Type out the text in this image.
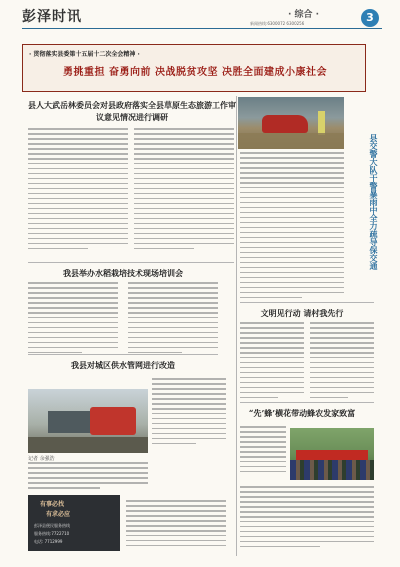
彭泽时讯	· 综合 ·	3
新闻热线:6300072 6300256
· 贯彻落实县委第十五届十二次全会精神 ·
勇挑重担 奋勇向前 决战脱贫攻坚 决胜全面建成小康社会
县人大武岳林委员会对县政府落实全县草原生态旅游工作审议意见情况进行调研
我县举办水稻栽培技术现场培训会
我县对城区供水管网进行改造
记者 余强浩
有事必找
有求必应
彭泽县便民服务热线
服务热线:7722710
电话: 7712999
县交警大队干警暴雨中全力疏导保交通
文明见行动 请村我先行
“先’蜂’横花带动蜂农发家致富
